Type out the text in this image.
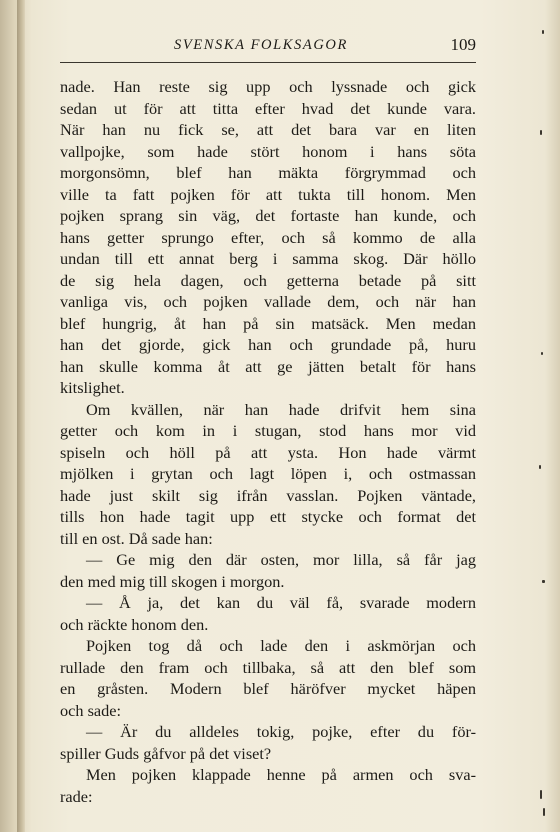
SVENSKA FOLKSAGOR	109
nade. Han reste sig upp och lyssnade och gick
sedan ut för att titta efter hvad det kunde vara.
När han nu fick se, att det bara var en liten
vallpojke, som hade stört honom i hans söta
morgonsömn, blef han mäkta förgrymmad och
ville ta fatt pojken för att tukta till honom. Men
pojken sprang sin väg, det fortaste han kunde, och
hans getter sprungo efter, och så kommo de alla
undan till ett annat berg i samma skog. Där höllo
de sig hela dagen, och getterna betade på sitt
vanliga vis, och pojken vallade dem, och när han
blef hungrig, åt han på sin matsäck. Men medan
han det gjorde, gick han och grundade på, huru
han skulle komma åt att ge jätten betalt för hans
kitslighet.
Om kvällen, när han hade drifvit hem sina
getter och kom in i stugan, stod hans mor vid
spiseln och höll på att ysta. Hon hade värmt
mjölken i grytan och lagt löpen i, och ostmassan
hade just skilt sig ifrån vasslan. Pojken väntade,
tills hon hade tagit upp ett stycke och format det
till en ost. Då sade han:
— Ge mig den där osten, mor lilla, så får jag
den med mig till skogen i morgon.
— Å ja, det kan du väl få, svarade modern
och räckte honom den.
Pojken tog då och lade den i askmörjan och
rullade den fram och tillbaka, så att den blef som
en gråsten. Modern blef häröfver mycket häpen
och sade:
— Är du alldeles tokig, pojke, efter du för-
spiller Guds gåfvor på det viset?
Men pojken klappade henne på armen och sva-
rade:
